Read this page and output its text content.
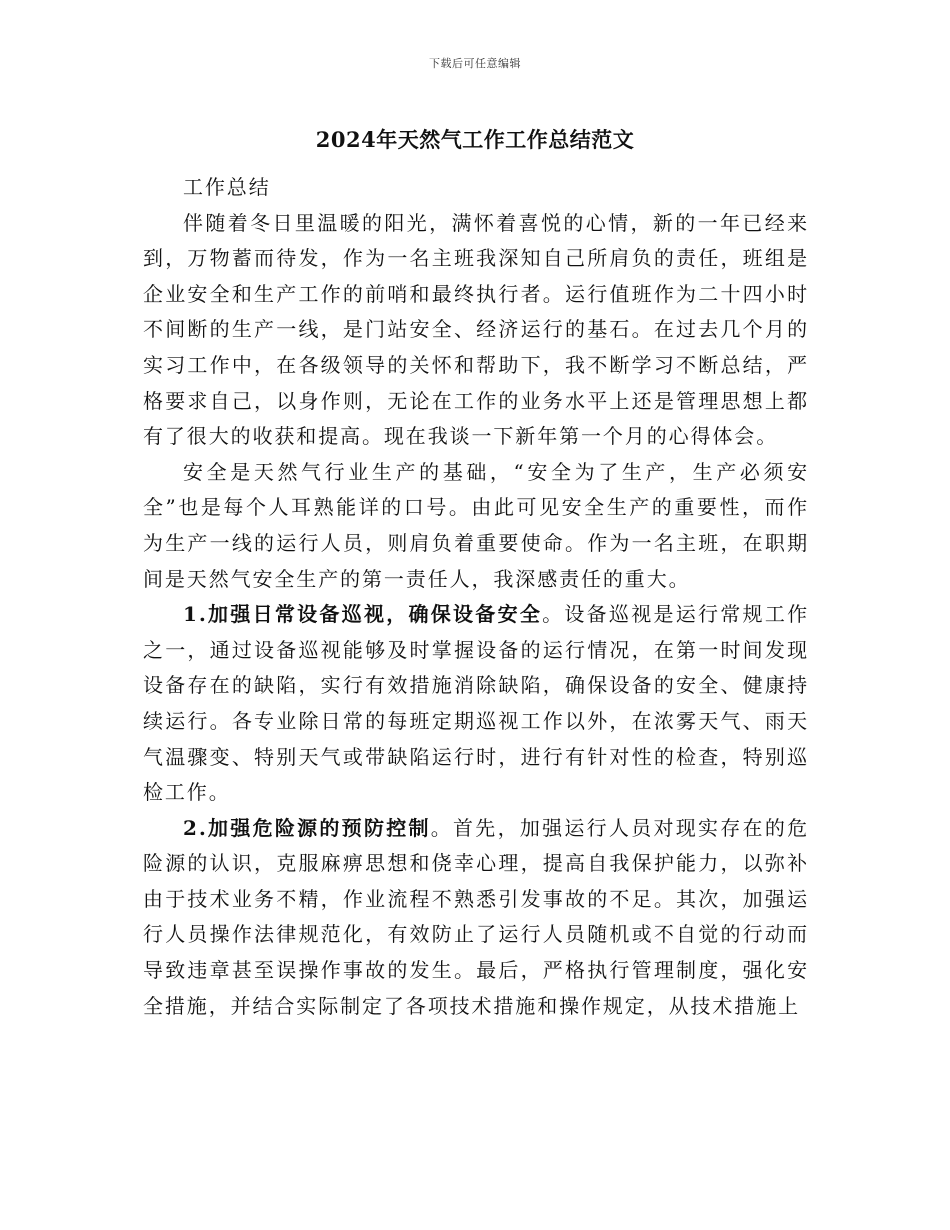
下载后可任意编辑
2024年天然气工作工作总结范文

工作总结

伴随着冬日里温暖的阳光，满怀着喜悦的心情，新的一年已经来到，万物蓄而待发，作为一名主班我深知自己所肩负的责任，班组是企业安全和生产工作的前哨和最终执行者。运行值班作为二十四小时不间断的生产一线，是门站安全、经济运行的基石。在过去几个月的实习工作中，在各级领导的关怀和帮助下，我不断学习不断总结，严格要求自己，以身作则，无论在工作的业务水平上还是管理思想上都有了很大的收获和提高。现在我谈一下新年第一个月的心得体会。

安全是天然气行业生产的基础，“安全为了生产，生产必须安全”也是每个人耳熟能详的口号。由此可见安全生产的重要性，而作为生产一线的运行人员，则肩负着重要使命。作为一名主班，在职期间是天然气安全生产的第一责任人，我深感责任的重大。

1.加强日常设备巡视，确保设备安全。设备巡视是运行常规工作之一，通过设备巡视能够及时掌握设备的运行情况，在第一时间发现设备存在的缺陷，实行有效措施消除缺陷，确保设备的安全、健康持续运行。各专业除日常的每班定期巡视工作以外，在浓雾天气、雨天气温骤变、特别天气或带缺陷运行时，进行有针对性的检查，特别巡检工作。

2.加强危险源的预防控制。首先，加强运行人员对现实存在的危险源的认识，克服麻痹思想和侥幸心理，提高自我保护能力，以弥补由于技术业务不精，作业流程不熟悉引发事故的不足。其次，加强运行人员操作法律规范化，有效防止了运行人员随机或不自觉的行动而导致违章甚至误操作事故的发生。最后，严格执行管理制度，强化安全措施，并结合实际制定了各项技术措施和操作规定，从技术措施上
